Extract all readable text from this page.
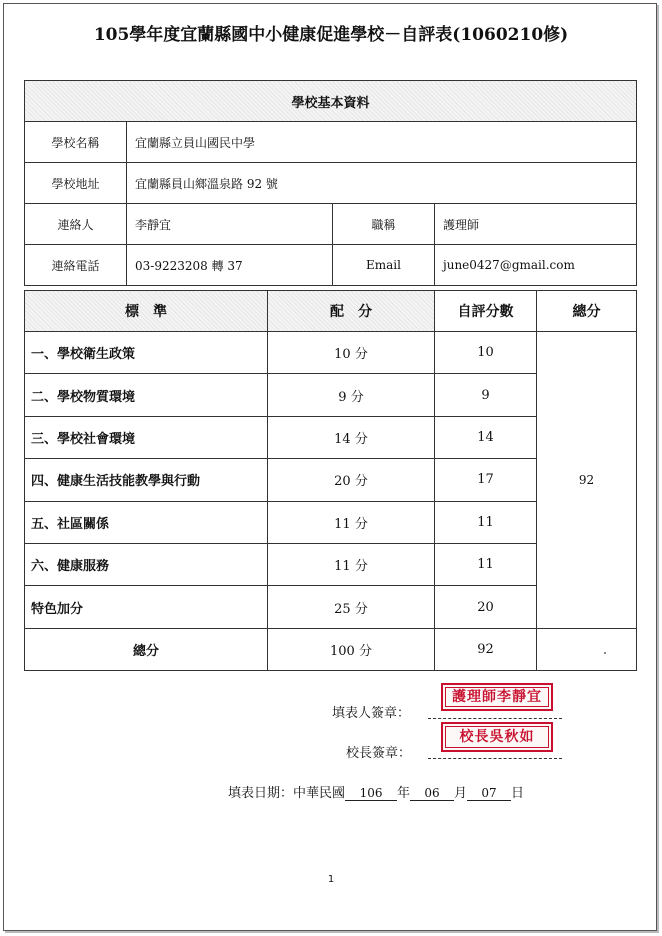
105學年度宜蘭縣國中小健康促進學校－自評表(1060210修)
學校基本資料			
學校名稱	宜蘭縣立員山國民中學		
學校地址	宜蘭縣員山鄉溫泉路 92 號		
連絡人	李靜宜	職稱	護理師
連絡電話	03-9223208 轉 37	Email	june0427@gmail.com
標　準	配　分	自評分數	總分
一、學校衛生政策	10 分	10	92
二、學校物質環境	9 分	9	
三、學校社會環境	14 分	14	
四、健康生活技能教學與行動	20 分	17	
五、社區關係	11 分	11	
六、健康服務	11 分	11	
特色加分	25 分	20	
總分	100 分	92	
填表人簽章：
護理師李靜宜
校長簽章：
校長吳秋如
填表日期：中華民國 106 年 06 月 07 日
1
